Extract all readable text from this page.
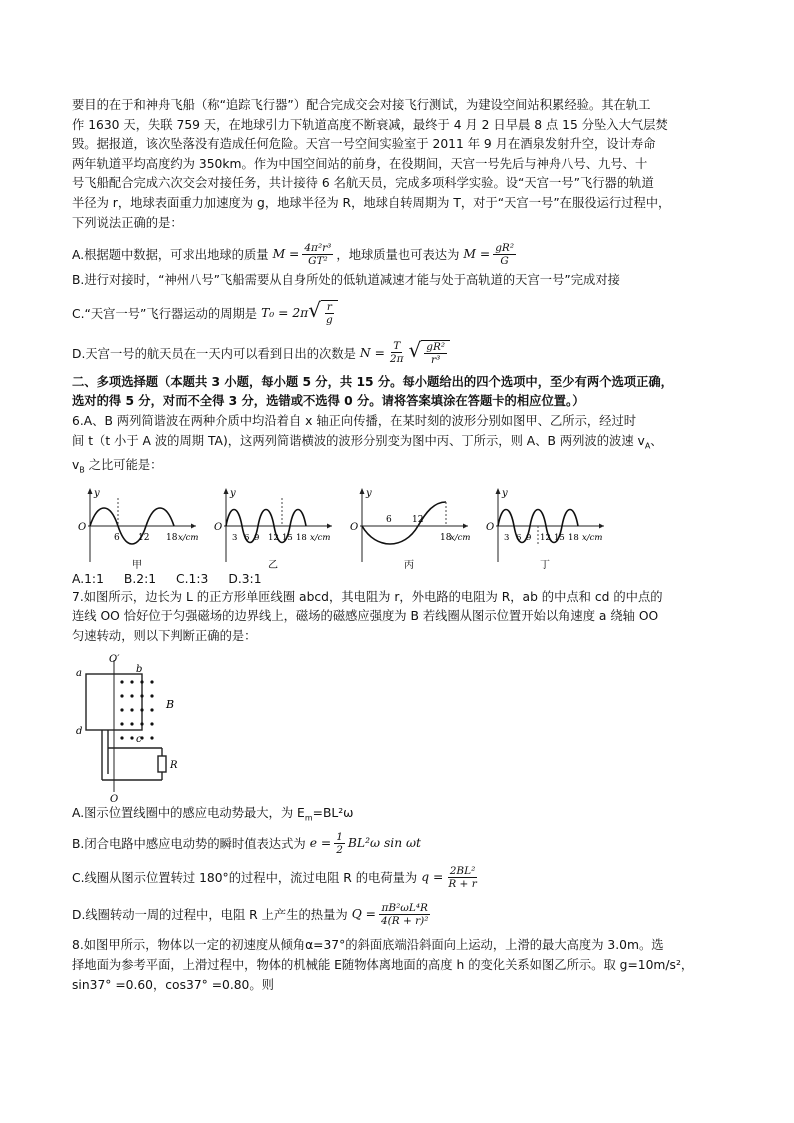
要目的在于和神舟飞船（称“追踪飞行器”）配合完成交会对接飞行测试，为建设空间站积累经验。其在轨工

作 1630 天，失联 759 天，在地球引力下轨道高度不断衰减，最终于 4 月 2 日早晨 8 点 15 分坠入大气层焚

毁。据报道，该次坠落没有造成任何危险。天宫一号空间实验室于 2011 年 9 月在酒泉发射升空，设计寿命

两年轨道平均高度约为 350km。作为中国空间站的前身，在役期间，天宫一号先后与神舟八号、九号、十

号飞船配合完成六次交会对接任务，共计接待 6 名航天员，完成多项科学实验。设“天宫一号”飞行器的轨道

半径为 r，地球表面重力加速度为 g，地球半径为 R，地球自转周期为 T，对于“天宫一号”在服役运行过程中，

下列说法正确的是：

A.根据题中数据，可求出地球的质量 $M = \frac{\text{4π²r³}}{\text{GT²}}$ ，地球质量也可表达为 $M = \frac{\text{gR²}}{G}$

B.进行对接时，“神州八号”飞船需要从自身所处的低轨道减速才能与处于高轨道的天宫一号”完成对接

C.“天宫一号”飞行器运动的周期是 T₀ = 2π √ $\frac{r}{g}$
D.天宫一号的航天员在一天内可以看到日出的次数是 $N = \frac{T}{2\pi}$ √ $\frac{\text{gR²}}{\text{r³}}$

二、多项选择题（本题共 3 小题，每小题 5 分，共 15 分。每小题给出的四个选项中，至少有两个选项正确，

选对的得 5 分，对而不全得 3 分，选错或不选得 0 分。请将答案填涂在答题卡的相应位置。）

6.A、B 两列简谐波在两种介质中均沿着自 x 轴正向传播，在某时刻的波形分别如图甲、乙所示，经过时

间 t（t 小于 A 波的周期 TA)，这两列简谐横波的波形分别变为图中丙、丁所示，则 A、B 两列波的波速 $v_A$、

$v_B$ 之比可能是：

y
O
6 12 18 x/cm
甲
y
O
3 6 9 12 15 18 x/cm
乙
y
O
6 12
18
x/cm
丙
y
O
3 6 9 12 15 18 x/cm
丁
A.1:1 B.2:1 C.1:3 D.3:1

7.如图所示，边长为 L 的正方形单匝线圈 abcd，其电阻为 r，外电路的电阻为 R，ab 的中点和 cd 的中点的

连线 OO 恰好位于匀强磁场的边界线上，磁场的磁感应强度为 B 若线圈从图示位置开始以角速度 a 绕轴 OO

匀速转动，则以下判断正确的是：

O′
a	b
c
d
B
R
O

A.图示位置线圈中的感应电动势最大，为 $E_m=BL^2\omega$

B.闭合电路中感应电动势的瞬时值表达式为 $e = \frac{1}{2} BL^2\omega$ sin ωt
C.线圈从图示位置转过 180°的过程中，流过电阻 R 的电荷量为 $q = \frac{\text{2BL²}}{R + r}$
D.线圈转动一周的过程中，电阻 R 上产生的热量为 $Q = \frac{\text{πB²ωL⁴R}}{\text{4(R + r)²}}$

8.如图甲所示，物体以一定的初速度从倾角α=37°的斜面底端沿斜面向上运动，上滑的最大高度为 3.0m。选

择地面为参考平面，上滑过程中，物体的机械能 E随物体离地面的高度 h 的变化关系如图乙所示。取 g=10m/s²，

sin37° =0.60，cos37° =0.80。则
